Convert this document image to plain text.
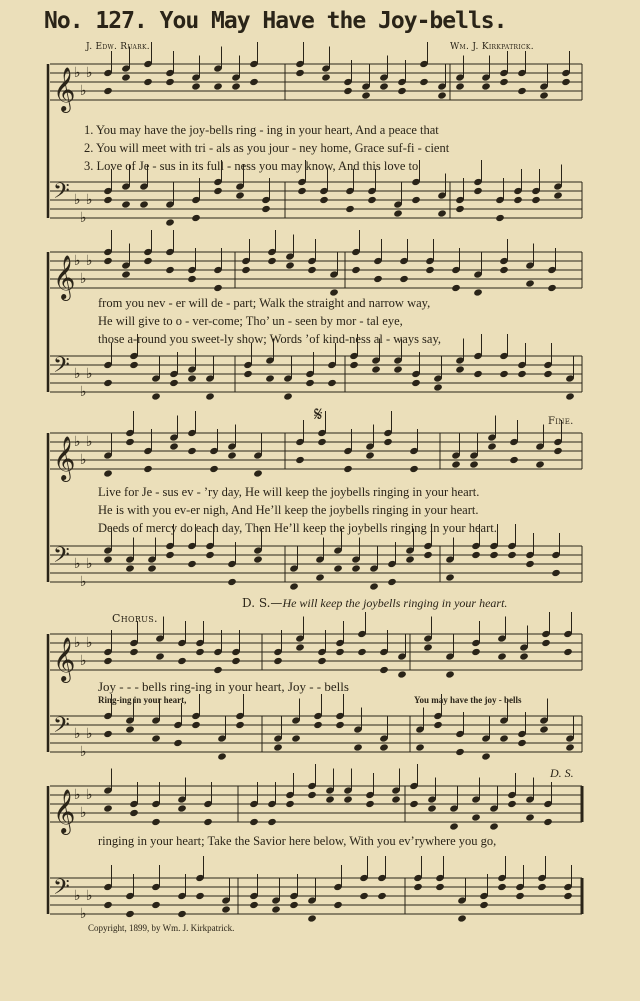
No. 127. You May Have the Joy-bells.
J. Edw. Ruark.	Wm. J. Kirkpatrick.
𝄞
♭
♭
♭
𝄢 ♭
♭
♭
𝄞
♭
♭
♭
𝄢 ♭
♭
♭
𝄞
♭
♭
♭
𝄢 ♭
♭
♭
𝄞
♭
♭
♭
𝄢 ♭
♭
♭
𝄞
♭
♭
♭
𝄢 ♭
♭
♭
1. You may have the joy-bells ring - ing in your heart, And a peace that
2. You will meet with tri - als as you jour - ney home, Grace suf-fi - cient
3. Love of Je - sus in its full - ness you may know, And this love to
from you nev - er will de - part; Walk the straight and narrow way,
He will give to o - ver-come; Tho’ un - seen by mor - tal eye,
those a-round you sweet-ly show; Words ’of kind-ness al - ways say,
𝄋	Fine.
Live for Je - sus ev - ’ry day, He will keep the joybells ringing in your heart.
He is with you ev-er nigh, And He’ll keep the joybells ringing in your heart.
Deeds of mercy do each day, Then He’ll keep the joybells ringing in your heart.
D. S.—He will keep the joybells ringing in your heart.
Chorus.
Joy - - - bells ring-ing in your heart, Joy - - bells
Ring-ing in your heart,	You may have the joy - bells
D. S.
ringing in your heart; Take the Savior here below, With you ev’rywhere you go,
Copyright, 1899, by Wm. J. Kirkpatrick.
